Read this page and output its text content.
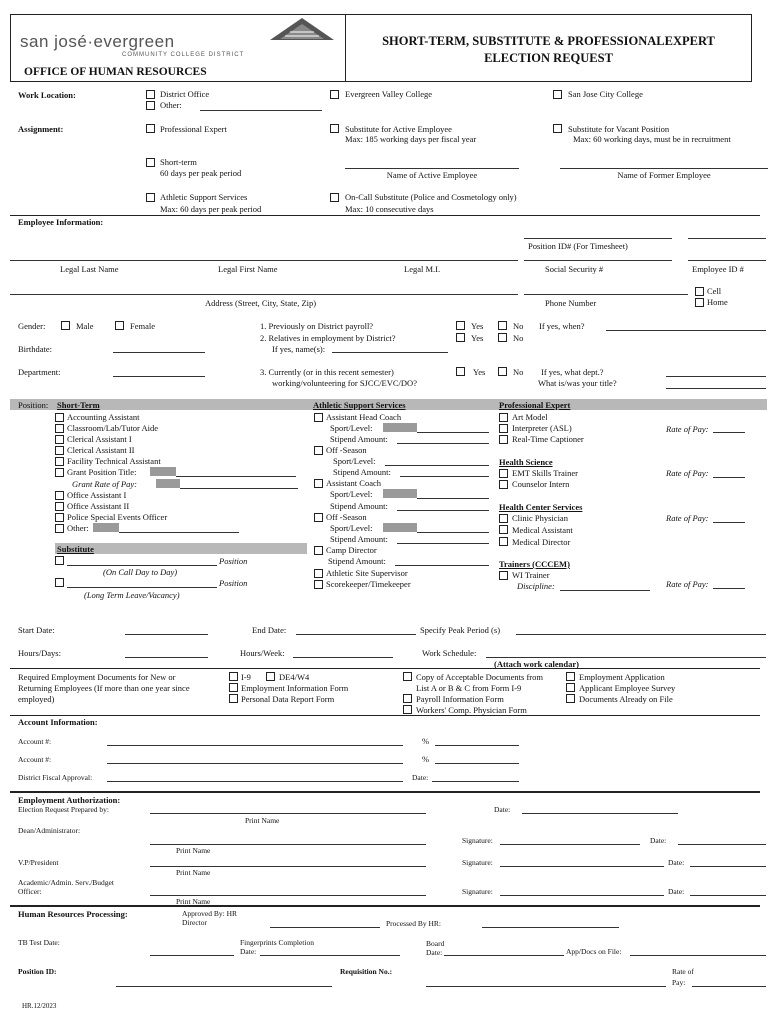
san josé·evergreen
COMMUNITY COLLEGE DISTRICT
OFFICE OF HUMAN RESOURCES
SHORT-TERM, SUBSTITUTE & PROFESSIONALEXPERT
ELECTION REQUEST
Work Location:	District Office
Other:
Evergreen Valley College	San Jose City College
Assignment:	Professional Expert	Substitute for Active Employee
Max: 185 working days per fiscal year
Substitute for Vacant Position
Max: 60 working days, must be in recruitment
Short-term
60 days per peak period	Name of Active Employee	Name of Former Employee
Athletic Support Services
Max: 60 days per peak period
On-Call Substitute (Police and Cosmetology only)
Max: 10 consecutive days
Employee Information:
Position ID# (For Timesheet)
Legal Last Name	Legal First Name	Legal M.I.	Social Security #	Employee ID #
Cell
Home
Address (Street, City, State, Zip)	Phone Number
Gender:	Male	Female	1. Previously on District payroll?	Yes	No If yes, when?
2. Relatives in employment by District?	Yes	No
Birthdate:	If yes, name(s):
Department:	3. Currently (or in this recent semester)
working/volunteering for SJCC/EVC/DO?
Yes	No If yes, what dept.?
What is/was your title?
Position: Short-Term	Athletic Support Services	Professional Expert
Accounting Assistant
Classroom/Lab/Tutor Aide
Clerical Assistant I
Clerical Assistant II
Facility Technical Assistant
Grant Position Title:
Grant Rate of Pay:
Office Assistant I
Office Assistant II
Police Special Events Officer
Other:
Substitute
Position
(On Call Day to Day)
Position
(Long Term Leave/Vacancy)
Assistant Head Coach
Sport/Level:
Stipend Amount:
Off -Season
Sport/Level:
Stipend Amount:
Assistant Coach
Sport/Level:
Stipend Amount:
Off -Season
Sport/Level:
Stipend Amount:
Camp Director
Stipend Amount:
Athletic Site Supervisor
Scorekeeper/Timekeeper
Art Model
Interpreter (ASL)
Real-Time Captioner
Rate of Pay:
Health Science
EMT Skills Trainer
Counselor Intern
Rate of Pay:
Health Center Services
Clinic Physician
Medical Assistant
Medical Director
Rate of Pay:
Trainers (CCCEM)
WI Trainer
Discipline:	Rate of Pay:
Start Date:	End Date:	Specify Peak Period (s)
Hours/Days:	Hours/Week:	Work Schedule:
(Attach work calendar)
Required Employment Documents for New or
Returning Employees (If more than one year since
employed)
I-9	DE4/W4
Employment Information Form
Personal Data Report Form
Copy of Acceptable Documents from
List A or B & C from Form I-9
Payroll Information Form
Workers' Comp. Physician Form
Employment Application
Applicant Employee Survey
Documents Already on File
Account Information:
Account #:	%
Account #:	%
District Fiscal Approval:	Date:
Employment Authorization:
Election Request Prepared by:	Date:
Print Name
Dean/Administrator:
Print Name
Signature:	Date:
V.P/President
Print Name
Signature:	Date:
Academic/Admin. Serv./Budget
Officer:
Print Name
Signature:	Date:
Human Resources Processing:	Approved By: HR
Director	Processed By HR:
TB Test Date:	Fingerprints Completion
Date:
Board
Date:	App/Docs on File:
Position ID:	Requisition No.:	Rate of
Pay:
HR.12/2023
